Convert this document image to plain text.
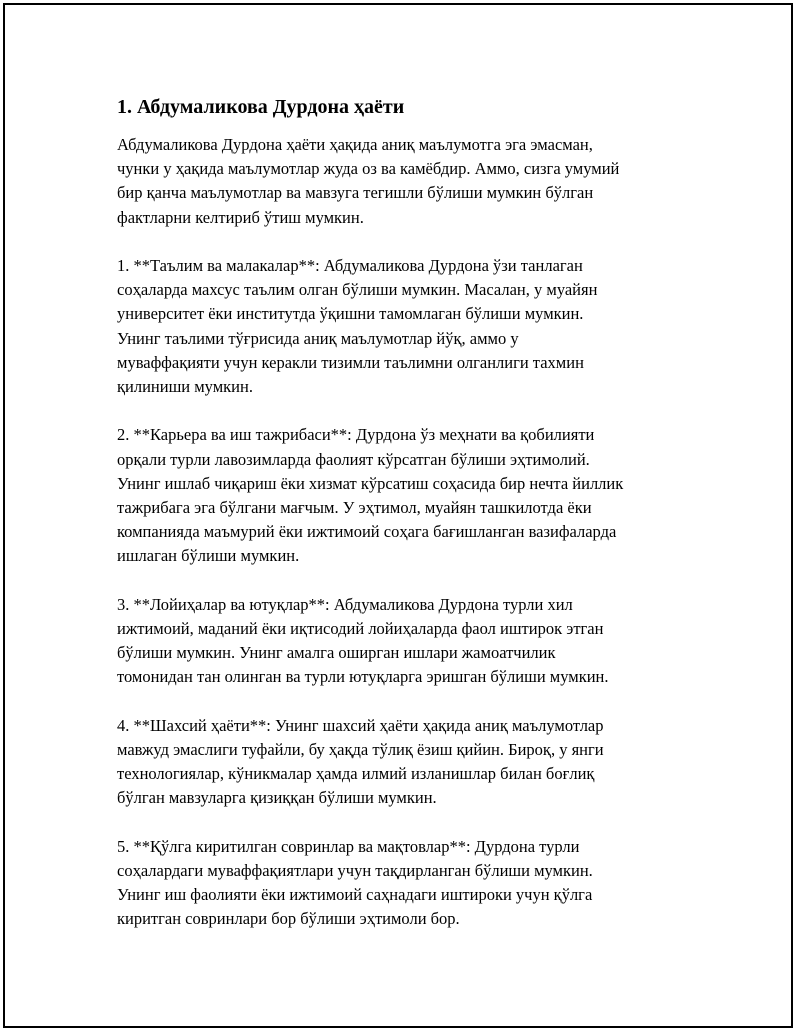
1. Абдумаликова Дурдона ҳаёти
Абдумаликова Дурдона ҳаёти ҳақида аниқ маълумотга эга эмасман,
чунки у ҳақида маълумотлар жуда оз ва камёбдир. Аммо, сизга умумий
бир қанча маълумотлар ва мавзуга тегишли бўлиши мумкин бўлган
фактларни келтириб ўтиш мумкин.
1. **Таълим ва малакалар**: Абдумаликова Дурдона ўзи танлаган
соҳаларда махсус таълим олган бўлиши мумкин. Масалан, у муайян
университет ёки институтда ўқишни тамомлаган бўлиши мумкин.
Унинг таълими тўғрисида аниқ маълумотлар йўқ, аммо у
муваффақияти учун керакли тизимли таълимни олганлиги тахмин
қилиниши мумкин.
2. **Карьера ва иш тажрибаси**: Дурдона ўз меҳнати ва қобилияти
орқали турли лавозимларда фаолият кўрсатган бўлиши эҳтимолий.
Унинг ишлаб чиқариш ёки хизмат кўрсатиш соҳасида бир нечта йиллик
тажрибага эга бўлгани мағчым. У эҳтимол, муайян ташкилотда ёки
компанияда маъмурий ёки ижтимоий соҳага бағишланган вазифаларда
ишлаган бўлиши мумкин.
3. **Лойиҳалар ва ютуқлар**: Абдумаликова Дурдона турли хил
ижтимоий, маданий ёки иқтисодий лойиҳаларда фаол иштирок этган
бўлиши мумкин. Унинг амалга оширган ишлари жамоатчилик
томонидан тан олинган ва турли ютуқларга эришган бўлиши мумкин.
4. **Шахсий ҳаёти**: Унинг шахсий ҳаёти ҳақида аниқ маълумотлар
мавжуд эмаслиги туфайли, бу ҳақда тўлиқ ёзиш қийин. Бироқ, у янги
технологиялар, кўникмалар ҳамда илмий изланишлар билан боғлиқ
бўлган мавзуларга қизиққан бўлиши мумкин.
5. **Қўлга киритилган совринлар ва мақтовлар**: Дурдона турли
соҳалардаги муваффақиятлари учун тақдирланган бўлиши мумкин.
Унинг иш фаолияти ёки ижтимоий саҳнадаги иштироки учун қўлга
киритган совринлари бор бўлиши эҳтимоли бор.
